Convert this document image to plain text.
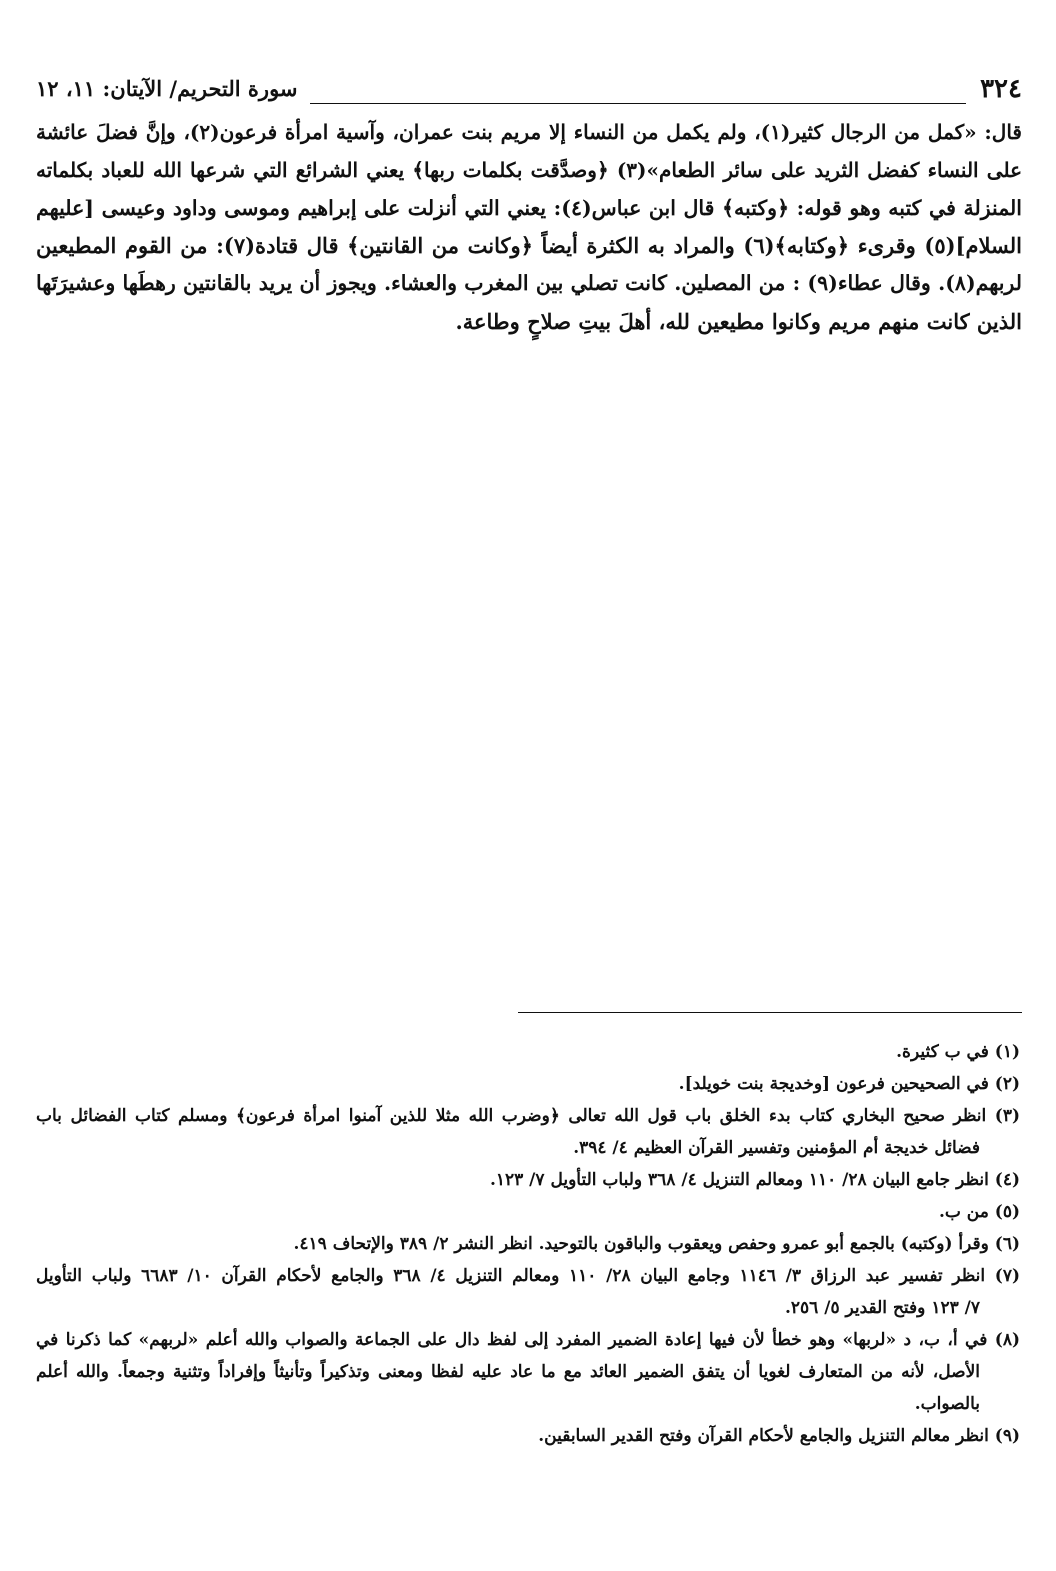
٣٢٤
سورة التحريم/ الآيتان: ١١، ١٢
قال: «كمل من الرجال كثير(١)، ولم يكمل من النساء إلا مريم بنت عمران، وآسية امرأة فرعون(٢)، وإنَّ فضلَ عائشة
على النساء كفضل الثريد على سائر الطعام»(٣) ﴿وصدَّقت بكلمات ربها﴾ يعني الشرائع التي شرعها الله للعباد بكلماته
المنزلة في كتبه وهو قوله: ﴿وكتبه﴾ قال ابن عباس(٤): يعني التي أنزلت على إبراهيم وموسى وداود وعيسى [عليهم
السلام](٥) وقرىء ﴿وكتابه﴾(٦) والمراد به الكثرة أيضاً ﴿وكانت من القانتين﴾ قال قتادة(٧): من القوم المطيعين
لربهم(٨). وقال عطاء(٩) : من المصلين. كانت تصلي بين المغرب والعشاء. ويجوز أن يريد بالقانتين رهطَها وعشيرَتَها
الذين كانت منهم مريم وكانوا مطيعين لله، أهلَ بيتِ صلاحٍ وطاعة.
(١) في ب كثيرة.
(٢) في الصحيحين فرعون [وخديجة بنت خويلد].
(٣) انظر صحيح البخاري كتاب بدء الخلق باب قول الله تعالى ﴿وضرب الله مثلا للذين آمنوا امرأة فرعون﴾ ومسلم كتاب الفضائل باب
فضائل خديجة أم المؤمنين وتفسير القرآن العظيم ٤/ ٣٩٤.
(٤) انظر جامع البيان ٢٨/ ١١٠ ومعالم التنزيل ٤/ ٣٦٨ ولباب التأويل ٧/ ١٢٣.
(٥) من ب.
(٦) وقرأ (وكتبه) بالجمع أبو عمرو وحفص ويعقوب والباقون بالتوحيد. انظر النشر ٢/ ٣٨٩ والإتحاف ٤١٩.
(٧) انظر تفسير عبد الرزاق ٣/ ١١٤٦ وجامع البيان ٢٨/ ١١٠ ومعالم التنزيل ٤/ ٣٦٨ والجامع لأحكام القرآن ١٠/ ٦٦٨٣ ولباب التأويل
٧/ ١٢٣ وفتح القدير ٥/ ٢٥٦.
(٨) في أ، ب، د «لربها» وهو خطأ لأن فيها إعادة الضمير المفرد إلى لفظ دال على الجماعة والصواب والله أعلم «لربهم» كما ذكرنا في
الأصل، لأنه من المتعارف لغويا أن يتفق الضمير العائد مع ما عاد عليه لفظا ومعنى وتذكيراً وتأنيثاً وإفراداً وتثنية وجمعاً. والله أعلم
بالصواب.
(٩) انظر معالم التنزيل والجامع لأحكام القرآن وفتح القدير السابقين.
